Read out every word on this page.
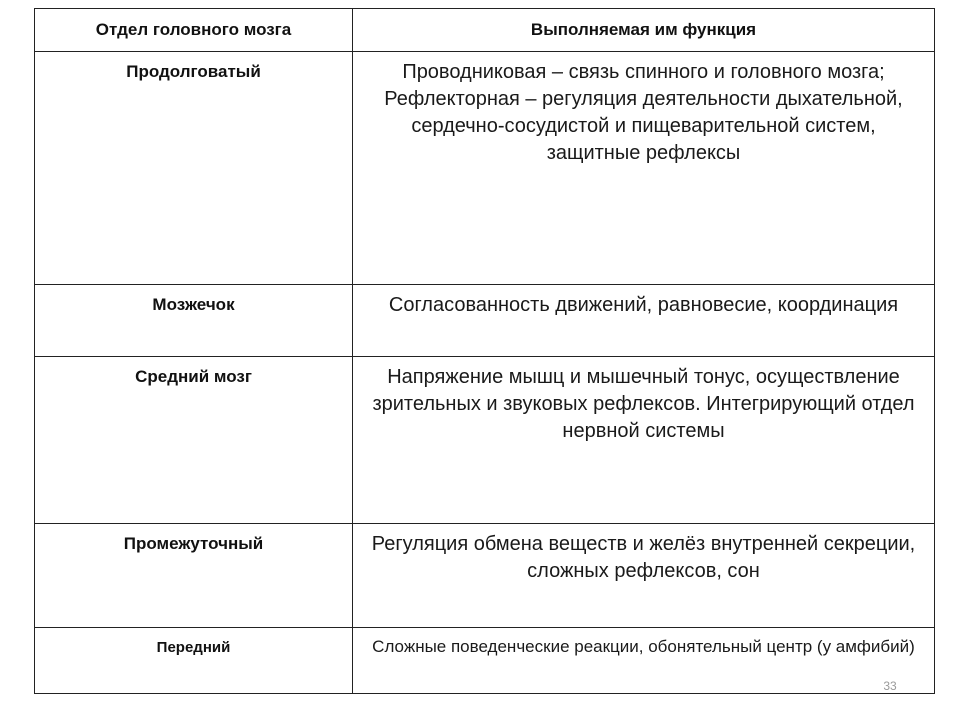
Отдел головного мозга	Выполняемая им функция

Продолговатый	Проводниковая – связь спинного и головного мозга;
Рефлекторная – регуляция деятельности дыхательной, сердечно-сосудистой и пищеварительной систем, защитные рефлексы

Мозжечок	Согласованность движений, равновесие, координация

Средний мозг	Напряжение мышц и мышечный тонус, осуществление зрительных и звуковых рефлексов. Интегрирующий отдел нервной системы

Промежуточный	Регуляция обмена веществ и желёз внутренней секреции, сложных рефлексов, сон

Передний	Сложные поведенческие реакции, обонятельный центр (у амфибий)
33
